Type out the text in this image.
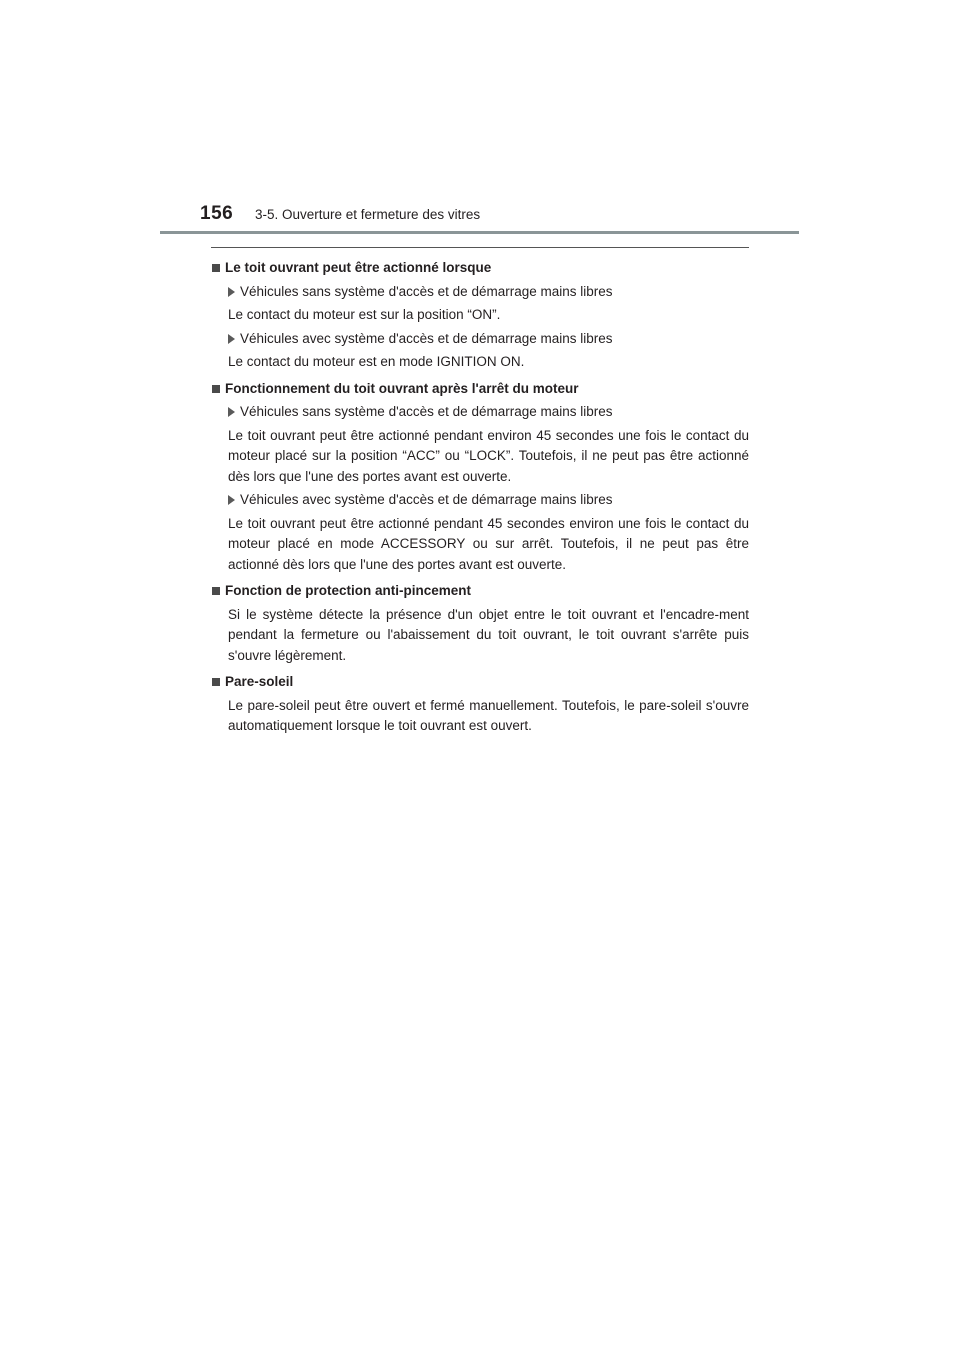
156 3-5. Ouverture et fermeture des vitres
Le toit ouvrant peut être actionné lorsque
Véhicules sans système d'accès et de démarrage mains libres
Le contact du moteur est sur la position “ON”.
Véhicules avec système d'accès et de démarrage mains libres
Le contact du moteur est en mode IGNITION ON.
Fonctionnement du toit ouvrant après l'arrêt du moteur
Véhicules sans système d'accès et de démarrage mains libres
Le toit ouvrant peut être actionné pendant environ 45 secondes une fois le contact du moteur placé sur la position “ACC” ou “LOCK”. Toutefois, il ne peut pas être actionné dès lors que l'une des portes avant est ouverte.
Véhicules avec système d'accès et de démarrage mains libres
Le toit ouvrant peut être actionné pendant 45 secondes environ une fois le contact du moteur placé en mode ACCESSORY ou sur arrêt. Toutefois, il ne peut pas être actionné dès lors que l'une des portes avant est ouverte.
Fonction de protection anti-pincement
Si le système détecte la présence d'un objet entre le toit ouvrant et l'encadre-ment pendant la fermeture ou l'abaissement du toit ouvrant, le toit ouvrant s'arrête puis s'ouvre légèrement.
Pare-soleil
Le pare-soleil peut être ouvert et fermé manuellement. Toutefois, le pare-soleil s'ouvre automatiquement lorsque le toit ouvrant est ouvert.
